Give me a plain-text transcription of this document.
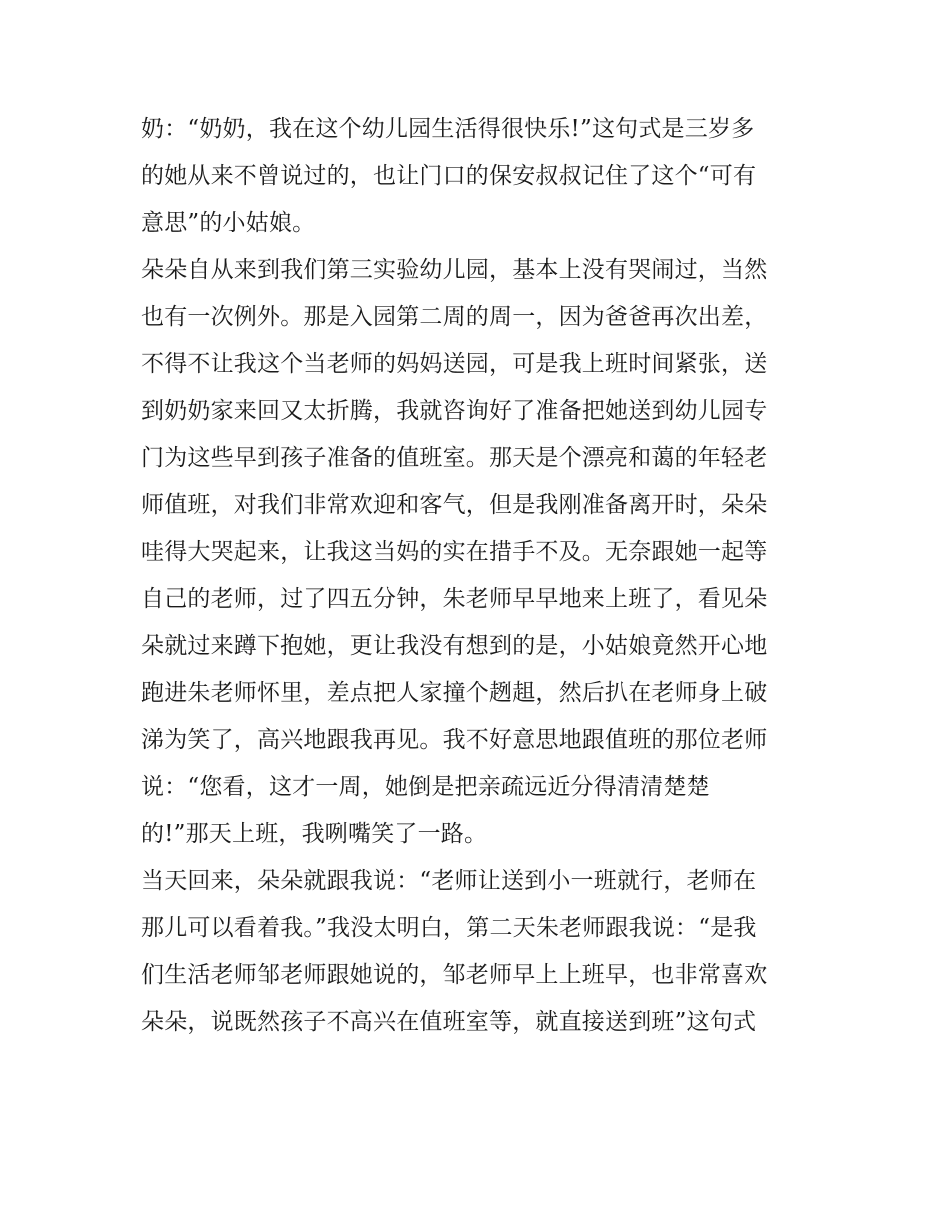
奶：“奶奶，我在这个幼儿园生活得很快乐!”这句式是三岁多
的她从来不曾说过的，也让门口的保安叔叔记住了这个“可有
意思”的小姑娘。
朵朵自从来到我们第三实验幼儿园，基本上没有哭闹过，当然
也有一次例外。那是入园第二周的周一，因为爸爸再次出差，
不得不让我这个当老师的妈妈送园，可是我上班时间紧张，送
到奶奶家来回又太折腾，我就咨询好了准备把她送到幼儿园专
门为这些早到孩子准备的值班室。那天是个漂亮和蔼的年轻老
师值班，对我们非常欢迎和客气，但是我刚准备离开时，朵朵
哇得大哭起来，让我这当妈的实在措手不及。无奈跟她一起等
自己的老师，过了四五分钟，朱老师早早地来上班了，看见朵
朵就过来蹲下抱她，更让我没有想到的是，小姑娘竟然开心地
跑进朱老师怀里，差点把人家撞个趔趄，然后扒在老师身上破
涕为笑了，高兴地跟我再见。我不好意思地跟值班的那位老师
说：“您看，这才一周，她倒是把亲疏远近分得清清楚楚
的!”那天上班，我咧嘴笑了一路。
当天回来，朵朵就跟我说：“老师让送到小一班就行，老师在
那儿可以看着我。”我没太明白，第二天朱老师跟我说：“是我
们生活老师邹老师跟她说的，邹老师早上上班早，也非常喜欢
朵朵，说既然孩子不高兴在值班室等，就直接送到班”这句式
